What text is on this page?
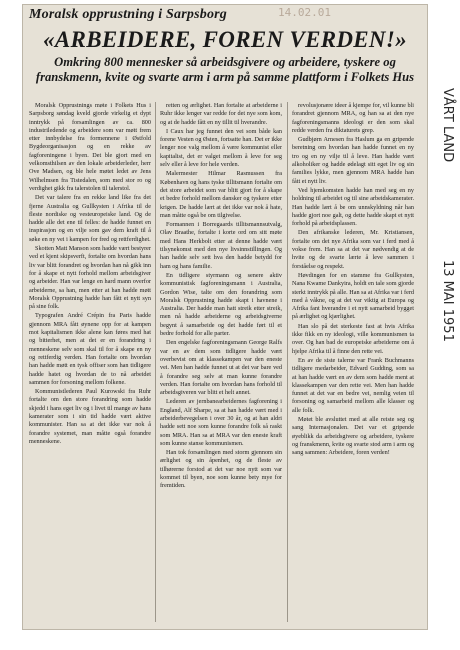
Moralsk opprustning i Sarpsborg	14.02.01
«ARBEIDERE, FOREN VERDEN!»

Omkring 800 mennesker så arbeidsgivere og arbeidere, tyskere og franskmenn, kvite og svarte arm i arm på samme plattform i Folkets Hus

Moralsk Opprustnings møte i Folkets Hus i Sarpsborg søndag kveld gjorde virkelig et dypt inntrykk på forsamlingen av ca. 800 industriledende og arbeidere som var møtt frem etter innbydelse fra formennene i Østfold Bygdeorganisasjon og en rekke av fagforeningene i byen. Det ble gjort med en velkomsthilsen av den lokale arbeiderleder, herr Ove Madsen, og ble hele møtet ledet av Jens Wilhelmsen fra Tistedalen, som med stor ro og verdighet gikk fra talerstolen til talerstol.

Det var talere fra en rekke land like fra det fjerne Australia og Gullkysten i Afrika til de fleste nordiske og vesteuropeiske land. Og de hadde alle det ene til felles: de hadde funnet en inspirasjon og en vilje som gav dem kraft til å søke en ny vei i kampen for fred og rettferdighet.

Skotten Matt Manson som hadde vært bestyrer ved et kjent skipsverft, fortalte om hvordan hans liv var blitt forandret og hvordan han nå gikk inn for å skape et nytt forhold mellom arbeidsgiver og arbeider. Han var lenge en hard mann overfor arbeiderne, sa han, men etter at han hadde møtt Moralsk Opprustning hadde han fått et nytt syn på sine folk.

Typografen André Crépin fra Paris hadde gjennom MRA fått øynene opp for at kampen mot kapitalismen ikke alene kan føres med hat og bitterhet, men at det er en forandring i menneskene selv som skal til for å skape en ny og rettferdig verden. Han fortalte om hvordan han hadde møtt en tysk offiser som han tidligere hadde hatet og hvordan de to nå arbeidet sammen for forsoning mellom folkene.

Kommunistlederen Paul Kurowski fra Ruhr fortalte om den store forandring som hadde skjedd i hans eget liv og i livet til mange av hans kamerater som i sin tid hadde vært aktive kommunister. Han sa at det ikke var nok å forandre systemet, man måtte også forandre menneskene.

retten og ærlighet. Han fortalte at arbeiderne i Ruhr ikke lenger var redde for det nye som kom, og at de hadde fått en ny tillit til hverandre.

I Caux har jeg funnet den vei som både kan forene Vesten og Østen, fortsatte han. Det er ikke lenger noe valg mellom å være kommunist eller kapitalist, det er valget mellom å leve for seg selv eller å leve for hele verden.

Malermester Hilmar Rasmussen fra København og hans tyske tillitsmann fortalte om det store arbeidet som var blitt gjort for å skape et bedre forhold mellom dansker og tyskere etter krigen. De hadde lært at det ikke var nok å hate, man måtte også be om tilgivelse.

Formannen i Borregaards tillitsmannsutvalg, Olav Braathe, fortalte i korte ord om sitt møte med Hans Herkbolt etter at denne hadde vært tilsynekomst med den nye livsinnstillingen. Og han hadde selv sett hva den hadde betydd for ham og hans familie.

En tidligere styrmann og senere aktiv kommunistisk fagforeningsmann i Australia, Gordon Wise, talte om den forandring som Moralsk Opprustning hadde skapt i havnene i Australia. Der hadde man hatt streik etter streik, men nå hadde arbeiderne og arbeidsgiverne begynt å samarbeide og det hadde ført til et bedre forhold for alle parter.

Den engelske fagforeningsmann George Ralfs var en av dem som tidligere hadde vært overbevist om at klassekampen var den eneste vei. Men han hadde funnet ut at det var bare ved å forandre seg selv at man kunne forandre verden. Han fortalte om hvordan hans forhold til arbeidsgiveren var blitt et helt annet.

Lederen av jernbanearbeidernes fagforening i England, Alf Sharpe, sa at han hadde vært med i arbeiderbevegelsen i over 30 år, og at han aldri hadde sett noe som kunne forandre folk så raskt som MRA. Han sa at MRA var den eneste kraft som kunne stanse kommunismen.

Han tok forsamlingen med storm gjennom sin ærlighet og sin åpenhet, og de fleste av tilhørerne forstod at det var noe nytt som var kommet til byen, noe som kunne bety mye for fremtiden.

revolusjonære ideer å kjempe for, vil kunne bli forandret gjennom MRA, og han sa at den nye fagforeningsmanns ideologi er den som skal redde verden fra diktaturets grep.

Gudbjørn Arnesen fra Haslum ga en gripende beretning om hvordan han hadde funnet en ny tro og en ny vilje til å leve. Han hadde vært alkoholiker og hadde ødelagt sitt eget liv og sin families lykke, men gjennom MRA hadde han fått et nytt liv.

Ved hjemkomsten hadde han med seg en ny holdning til arbeidet og til sine arbeidskamerater. Han hadde lært å be om unnskyldning når han hadde gjort noe galt, og dette hadde skapt et nytt forhold på arbeidsplassen.

Den afrikanske lederen, Mr. Kristiansen, fortalte om det nye Afrika som var i ferd med å vokse frem. Han sa at det var nødvendig at de hvite og de svarte lærte å leve sammen i forståelse og respekt.

Høvdingen for en stamme fra Gullkysten, Nana Kwame Dankyira, holdt en tale som gjorde sterkt inntrykk på alle. Han sa at Afrika var i ferd med å våkne, og at det var viktig at Europa og Afrika fant hverandre i et nytt samarbeid bygget på ærlighet og kjærlighet.

Han slo på det sterkeste fast at hvis Afrika ikke fikk en ny ideologi, ville kommunismen ta over. Og han bad de europeiske arbeiderne om å hjelpe Afrika til å finne den rette vei.

En av de siste talerne var Frank Buchmanns tidligere medarbeider, Edvard Gudding, som sa at han hadde vært en av dem som hadde ment at klassekampen var den rette vei. Men han hadde funnet at det var en bedre vei, nemlig veien til forsoning og samarbeid mellom alle klasser og alle folk.

Møtet ble avsluttet med at alle reiste seg og sang Internasjonalen. Det var et gripende øyeblikk da arbeidsgivere og arbeidere, tyskere og franskmenn, kvite og svarte stod arm i arm og sang sammen: Arbeidere, foren verden!

VÅRT LAND
13 MAI 1951
